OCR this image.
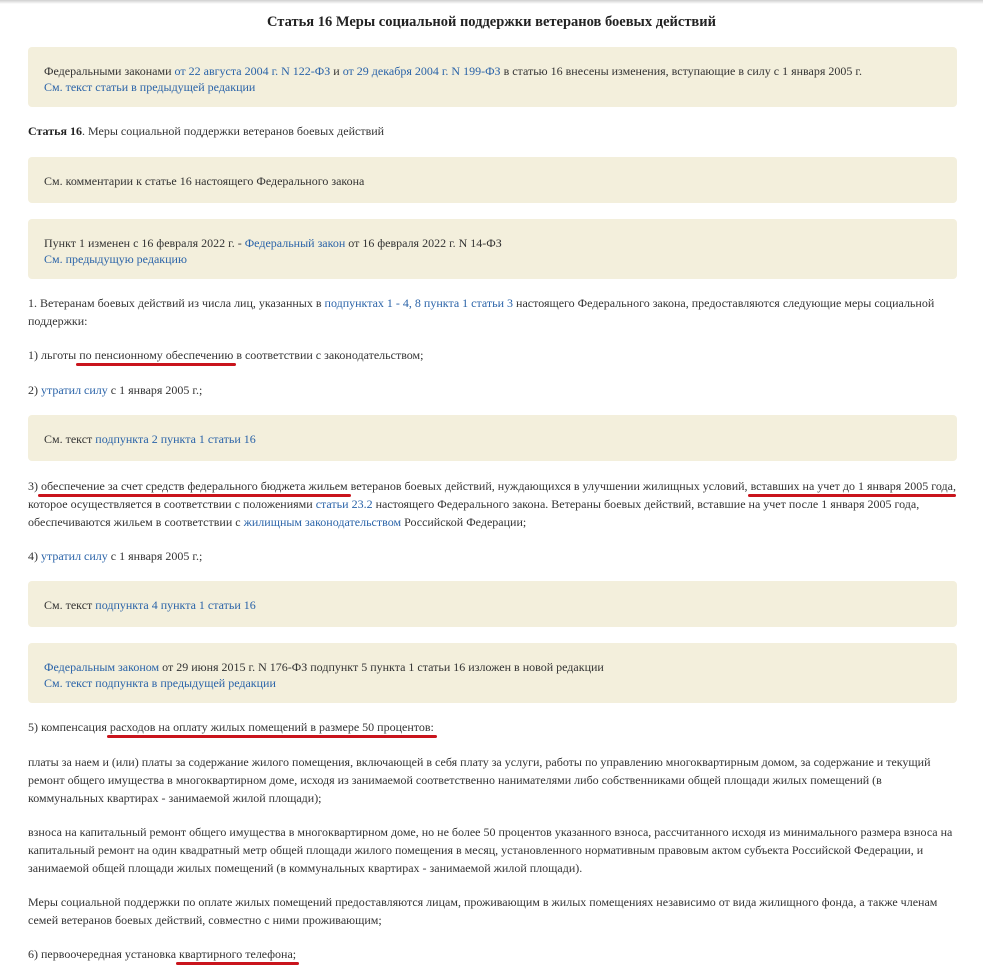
Статья 16 Меры социальной поддержки ветеранов боевых действий
Федеральными законами от 22 августа 2004 г. N 122-ФЗ и от 29 декабря 2004 г. N 199-ФЗ в статью 16 внесены изменения, вступающие в силу с 1 января 2005 г.
См. текст статьи в предыдущей редакции

Статья 16. Меры социальной поддержки ветеранов боевых действий

См. комментарии к статье 16 настоящего Федерального закона
Пункт 1 изменен с 16 февраля 2022 г. - Федеральный закон от 16 февраля 2022 г. N 14-ФЗ
См. предыдущую редакцию

1. Ветеранам боевых действий из числа лиц, указанных в подпунктах 1 - 4, 8 пункта 1 статьи 3 настоящего Федерального закона, предоставляются следующие меры социальной поддержки:

1) льготы по пенсионному обеспечению в соответствии с законодательством;

2) утратил силу с 1 января 2005 г.;

См. текст подпункта 2 пункта 1 статьи 16

3) обеспечение за счет средств федерального бюджета жильем ветеранов боевых действий, нуждающихся в улучшении жилищных условий, вставших на учет до 1 января 2005 года, которое осуществляется в соответствии с положениями статьи 23.2 настоящего Федерального закона. Ветераны боевых действий, вставшие на учет после 1 января 2005 года, обеспечиваются жильем в соответствии с жилищным законодательством Российской Федерации;

4) утратил силу с 1 января 2005 г.;

См. текст подпункта 4 пункта 1 статьи 16
Федеральным законом от 29 июня 2015 г. N 176-ФЗ подпункт 5 пункта 1 статьи 16 изложен в новой редакции
См. текст подпункта в предыдущей редакции

5) компенсация расходов на оплату жилых помещений в размере 50 процентов:

платы за наем и (или) платы за содержание жилого помещения, включающей в себя плату за услуги, работы по управлению многоквартирным домом, за содержание и текущий ремонт общего имущества в многоквартирном доме, исходя из занимаемой соответственно нанимателями либо собственниками общей площади жилых помещений (в коммунальных квартирах - занимаемой жилой площади);

взноса на капитальный ремонт общего имущества в многоквартирном доме, но не более 50 процентов указанного взноса, рассчитанного исходя из минимального размера взноса на капитальный ремонт на один квадратный метр общей площади жилого помещения в месяц, установленного нормативным правовым актом субъекта Российской Федерации, и занимаемой общей площади жилых помещений (в коммунальных квартирах - занимаемой жилой площади).

Меры социальной поддержки по оплате жилых помещений предоставляются лицам, проживающим в жилых помещениях независимо от вида жилищного фонда, а также членам семей ветеранов боевых действий, совместно с ними проживающим;

6) первоочередная установка квартирного телефона;
